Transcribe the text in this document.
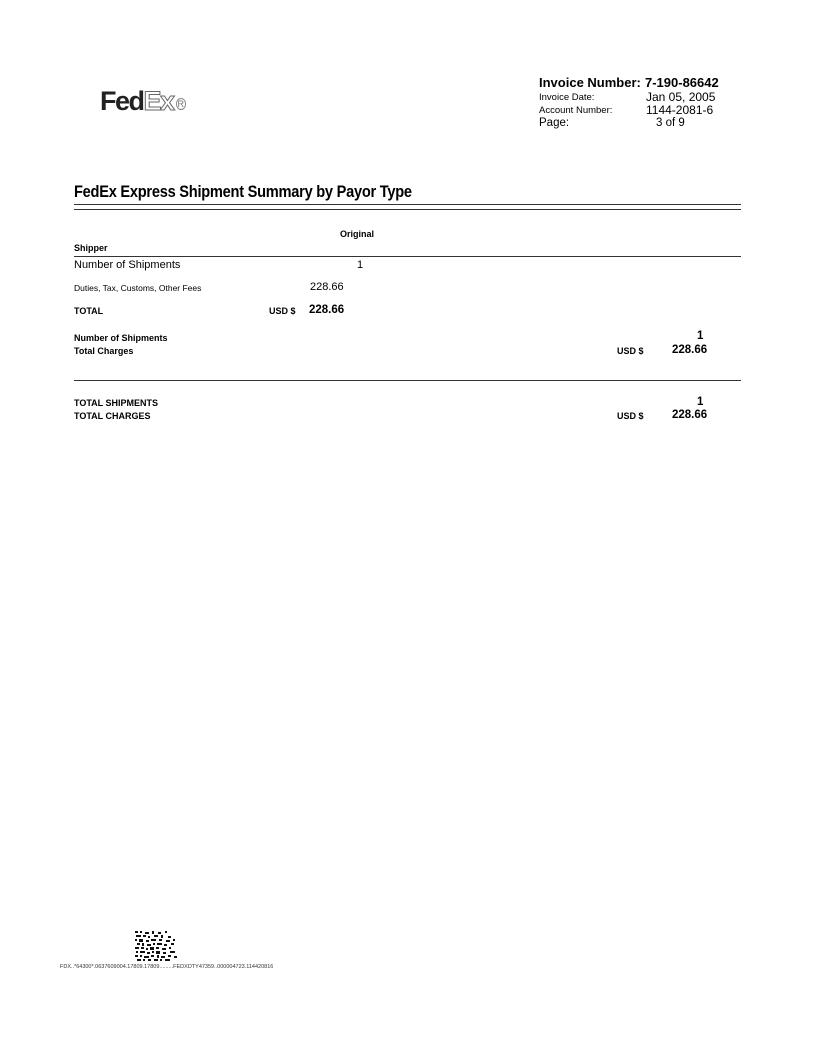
FedEx R
Invoice Number: 7-190-86642
Invoice Date:	Jan 05, 2005
Account Number:	1144-2081-6
Page:	3 of 9
FedEx Express Shipment Summary by Payor Type
Original
Shipper
Number of Shipments	1
Duties, Tax, Customs, Other Fees	228.66
TOTAL	USD $ 228.66
Number of Shipments	1
Total Charges	USD $ 228.66
TOTAL SHIPMENTS	1
TOTAL CHARGES	USD $ 228.66
FDX..*64300*.0637609004.17809.17809.........FEDXDTY47359..000004723.114420816
